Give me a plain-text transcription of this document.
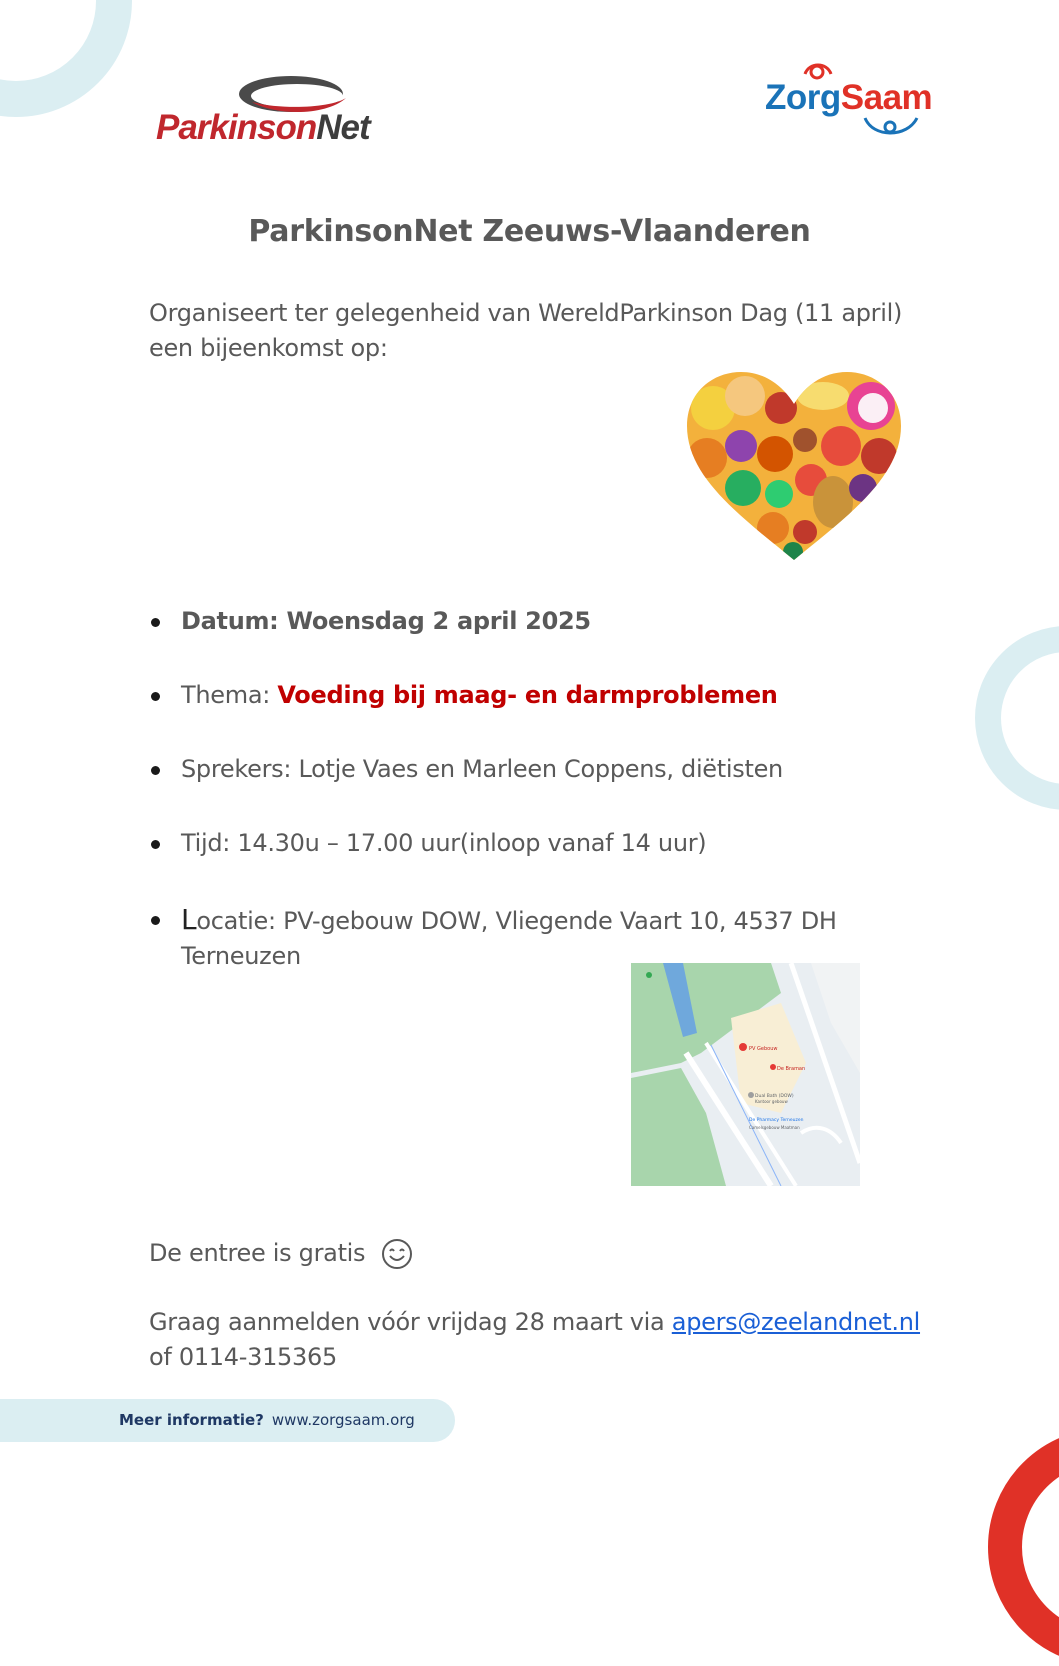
ParkinsonNet
ZorgSaam
ParkinsonNet Zeeuws-Vlaanderen

Organiseert ter gelegenheid van WereldParkinson Dag (11 april)
een bijeenkomst op:

Datum: Woensdag 2 april 2025
Thema: Voeding bij maag- en darmproblemen
Sprekers: Lotje Vaes en Marleen Coppens, diëtisten
Tijd: 14.30u – 17.00 uur(inloop vanaf 14 uur)
Locatie: PV-gebouw DOW, Vliegende Vaart 10, 4537 DH
Terneuzen
PV Gebouw
De Braman
Dual Bath (DOW)
Kantoor gebouw
De Pharmacy Terneuzen
Camelsgebouw Maatman

De entree is gratis

Graag aanmelden vóór vrijdag 28 maart via apers@zeelandnet.nl
of 0114-315365

Meer informatie? www.zorgsaam.org
